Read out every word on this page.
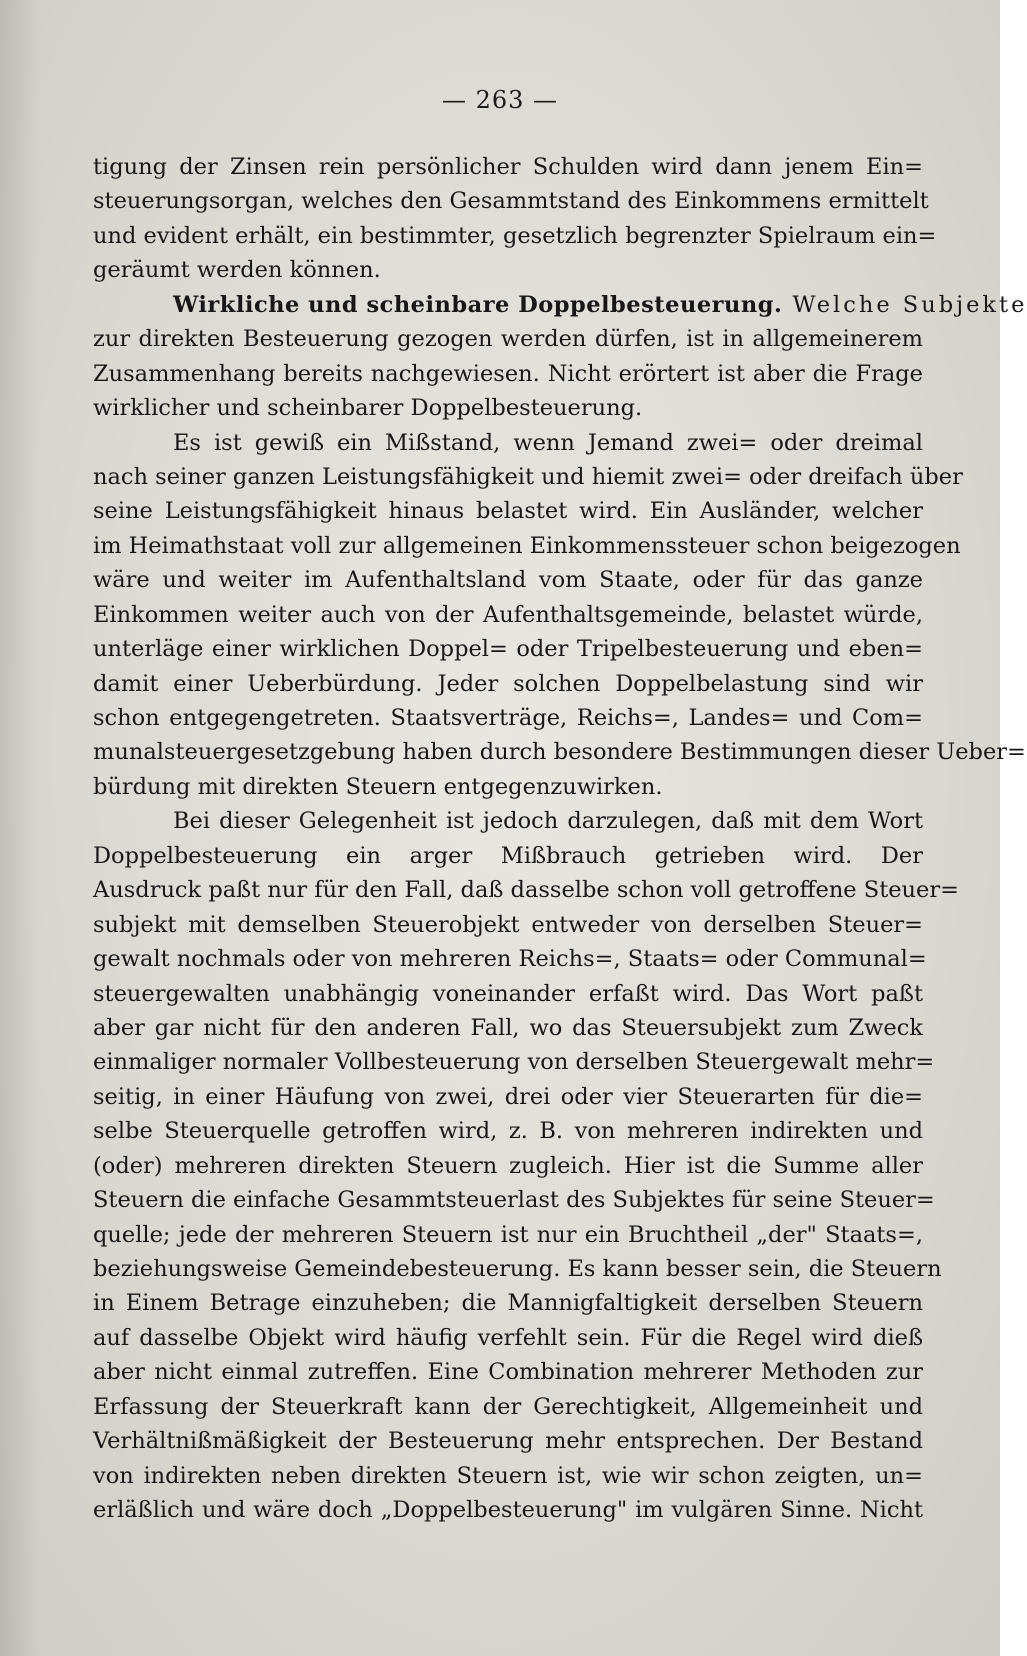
— 263 —
tigung der Zinsen rein persönlicher Schulden wird dann jenem Ein=
steuerungsorgan, welches den Gesammtstand des Einkommens ermittelt
und evident erhält, ein bestimmter, gesetzlich begrenzter Spielraum ein=
geräumt werden können.
Wirkliche und scheinbare Doppelbesteuerung. Welche Subjekte
zur direkten Besteuerung gezogen werden dürfen, ist in allgemeinerem
Zusammenhang bereits nachgewiesen. Nicht erörtert ist aber die Frage
wirklicher und scheinbarer Doppelbesteuerung.
Es ist gewiß ein Mißstand, wenn Jemand zwei= oder dreimal
nach seiner ganzen Leistungsfähigkeit und hiemit zwei= oder dreifach über
seine Leistungsfähigkeit hinaus belastet wird. Ein Ausländer, welcher
im Heimathstaat voll zur allgemeinen Einkommenssteuer schon beigezogen
wäre und weiter im Aufenthaltsland vom Staate, oder für das ganze
Einkommen weiter auch von der Aufenthaltsgemeinde, belastet würde,
unterläge einer wirklichen Doppel= oder Tripelbesteuerung und eben=
damit einer Ueberbürdung. Jeder solchen Doppelbelastung sind wir
schon entgegengetreten. Staatsverträge, Reichs=, Landes= und Com=
munalsteuergesetzgebung haben durch besondere Bestimmungen dieser Ueber=
bürdung mit direkten Steuern entgegenzuwirken.
Bei dieser Gelegenheit ist jedoch darzulegen, daß mit dem Wort
Doppelbesteuerung ein arger Mißbrauch getrieben wird. Der
Ausdruck paßt nur für den Fall, daß dasselbe schon voll getroffene Steuer=
subjekt mit demselben Steuerobjekt entweder von derselben Steuer=
gewalt nochmals oder von mehreren Reichs=, Staats= oder Communal=
steuergewalten unabhängig voneinander erfaßt wird. Das Wort paßt
aber gar nicht für den anderen Fall, wo das Steuersubjekt zum Zweck
einmaliger normaler Vollbesteuerung von derselben Steuergewalt mehr=
seitig, in einer Häufung von zwei, drei oder vier Steuerarten für die=
selbe Steuerquelle getroffen wird, z. B. von mehreren indirekten und
(oder) mehreren direkten Steuern zugleich. Hier ist die Summe aller
Steuern die einfache Gesammtsteuerlast des Subjektes für seine Steuer=
quelle; jede der mehreren Steuern ist nur ein Bruchtheil „der" Staats=,
beziehungsweise Gemeindebesteuerung. Es kann besser sein, die Steuern
in Einem Betrage einzuheben; die Mannigfaltigkeit derselben Steuern
auf dasselbe Objekt wird häufig verfehlt sein. Für die Regel wird dieß
aber nicht einmal zutreffen. Eine Combination mehrerer Methoden zur
Erfassung der Steuerkraft kann der Gerechtigkeit, Allgemeinheit und
Verhältnißmäßigkeit der Besteuerung mehr entsprechen. Der Bestand
von indirekten neben direkten Steuern ist, wie wir schon zeigten, un=
erläßlich und wäre doch „Doppelbesteuerung" im vulgären Sinne. Nicht
